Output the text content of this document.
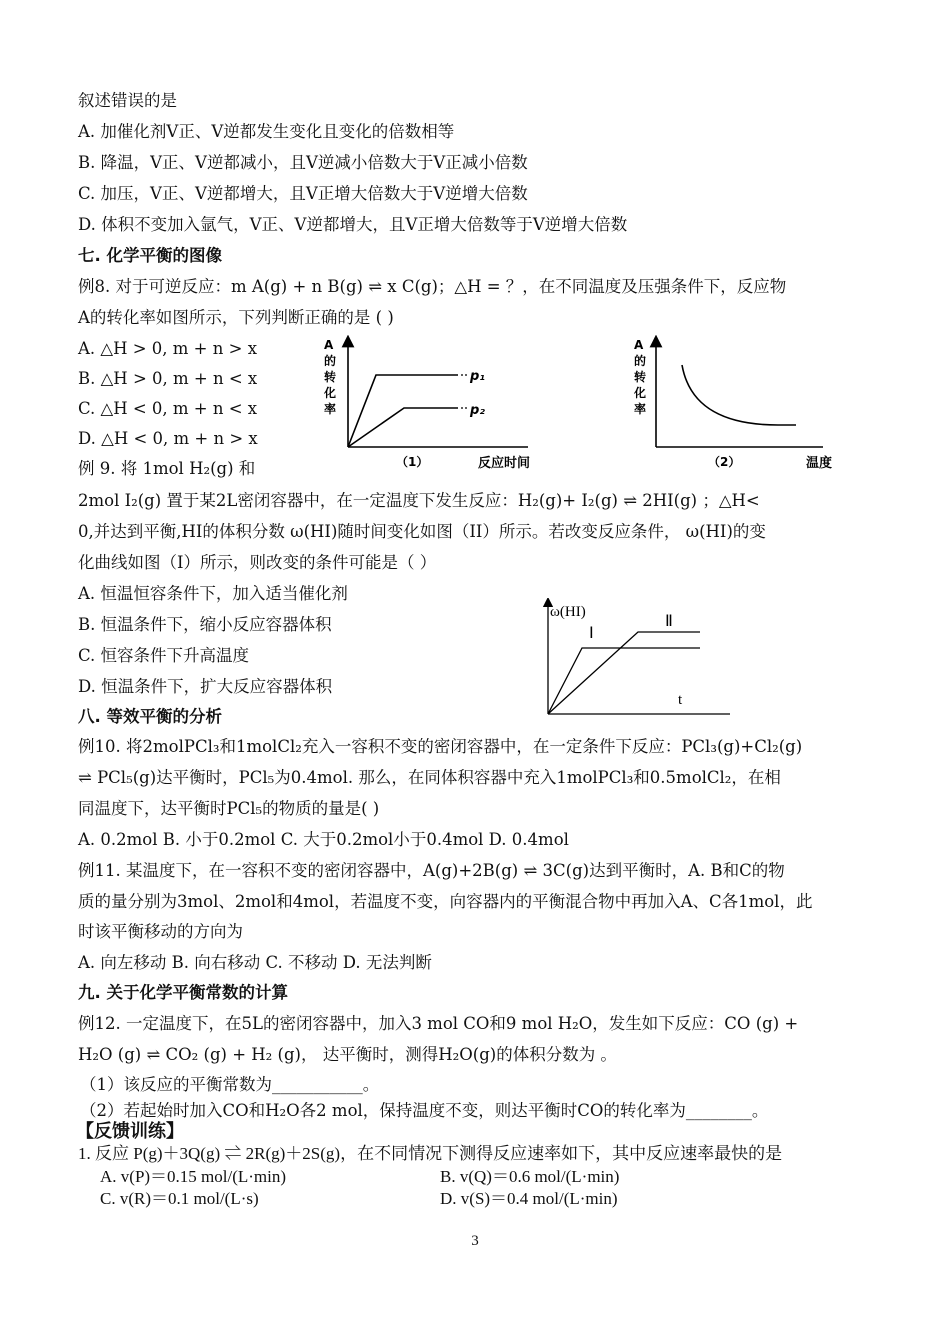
叙述错误的是
A. 加催化剂V正、V逆都发生变化且变化的倍数相等
B. 降温，V正、V逆都减小，且V逆减小倍数大于V正减小倍数
C. 加压，V正、V逆都增大，且V正增大倍数大于V逆增大倍数
D. 体积不变加入氩气，V正、V逆都增大，且V正增大倍数等于V逆增大倍数
七. 化学平衡的图像
例8. 对于可逆反应：m A(g) + n B(g) ⇌ x C(g)；△H = ？，在不同温度及压强条件下，反应物
A的转化率如图所示，下列判断正确的是 ( )
A. △H > 0, m + n > x
B. △H > 0, m + n < x
C. △H < 0, m + n < x
D. △H < 0, m + n > x
例 9. 将 1mol H₂(g) 和
A
的
转
化
率
p₁
p₂
（1）	反应时间
A
的
转
化
率
（2）	温度
2mol I₂(g) 置于某2L密闭容器中，在一定温度下发生反应：H₂(g)+ I₂(g) ⇌ 2HI(g) ；△H<
0,并达到平衡,HI的体积分数 ω(HI)随时间变化如图（II）所示。若改变反应条件， ω(HI)的变
化曲线如图（Ⅰ）所示，则改变的条件可能是（ ）
A. 恒温恒容条件下，加入适当催化剂
B. 恒温条件下，缩小反应容器体积
C. 恒容条件下升高温度
D. 恒温条件下，扩大反应容器体积
ω(HI)
Ⅰ
Ⅱ
t
八. 等效平衡的分析
例10. 将2molPCl₃和1molCl₂充入一容积不变的密闭容器中，在一定条件下反应：PCl₃(g)+Cl₂(g)
⇌ PCl₅(g)达平衡时，PCl₅为0.4mol. 那么，在同体积容器中充入1molPCl₃和0.5molCl₂，在相
同温度下，达平衡时PCl₅的物质的量是( )
A. 0.2mol B. 小于0.2mol C. 大于0.2mol小于0.4mol D. 0.4mol
例11. 某温度下，在一容积不变的密闭容器中，A(g)+2B(g) ⇌ 3C(g)达到平衡时，A. B和C的物
质的量分别为3mol、2mol和4mol，若温度不变，向容器内的平衡混合物中再加入A、C各1mol，此
时该平衡移动的方向为
A. 向左移动 B. 向右移动 C. 不移动 D. 无法判断
九. 关于化学平衡常数的计算
例12. 一定温度下，在5L的密闭容器中，加入3 mol CO和9 mol H₂O，发生如下反应：CO (g) +
H₂O (g) ⇌ CO₂ (g) + H₂ (g)， 达平衡时，测得H₂O(g)的体积分数为 。
（1）该反应的平衡常数为___________。
（2）若起始时加入CO和H₂O各2 mol，保持温度不变，则达平衡时CO的转化率为________。
【反馈训练】
1. 反应 P(g)＋3Q(g) ⇌ 2R(g)＋2S(g)，在不同情况下测得反应速率如下，其中反应速率最快的是
A. v(P)＝0.15 mol/(L·min)	B. v(Q)＝0.6 mol/(L·min)
C. v(R)＝0.1 mol/(L·s)	D. v(S)＝0.4 mol/(L·min)
3
